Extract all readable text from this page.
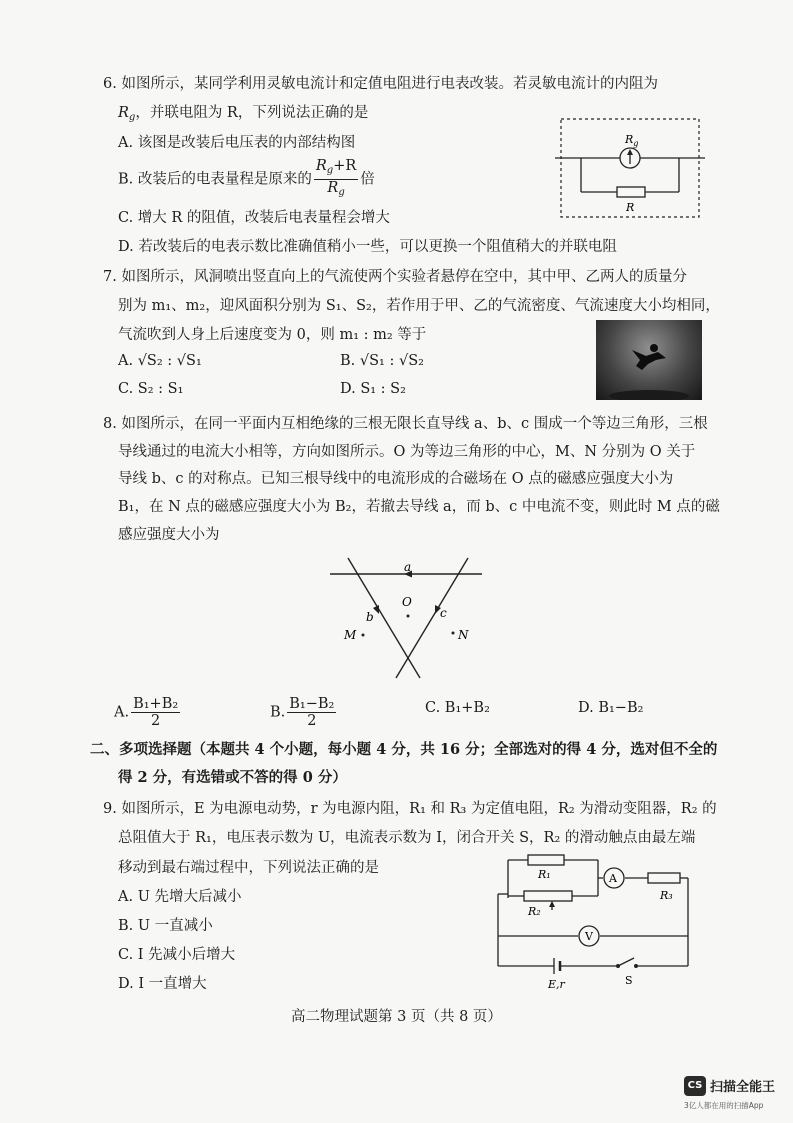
6. 如图所示，某同学利用灵敏电流计和定值电阻进行电表改装。若灵敏电流计的内阻为
$R_g$，并联电阻为 R，下列说法正确的是
A. 该图是改装后电压表的内部结构图
B. 改装后的电表量程是原来的 $\frac{R_g+R}{R_g}$ 倍
C. 增大 R 的阻值，改装后电表量程会增大
D. 若改装后的电表示数比准确值稍小一些，可以更换一个阻值稍大的并联电阻
$R_g$
R
7. 如图所示，风洞喷出竖直向上的气流使两个实验者悬停在空中，其中甲、乙两人的质量分
别为 m₁、m₂，迎风面积分别为 S₁、S₂，若作用于甲、乙的气流密度、气流速度大小均相同，
气流吹到人身上后速度变为 0，则 m₁ : m₂ 等于
A. √S₂ : √S₁	B. √S₁ : √S₂
C. S₂ : S₁	D. S₁ : S₂
8. 如图所示，在同一平面内互相绝缘的三根无限长直导线 a、b、c 围成一个等边三角形，三根
导线通过的电流大小相等，方向如图所示。O 为等边三角形的中心，M、N 分别为 O 关于
导线 b、c 的对称点。已知三根导线中的电流形成的合磁场在 O 点的磁感应强度大小为
B₁，在 N 点的磁感应强度大小为 B₂，若撤去导线 a，而 b、c 中电流不变，则此时 M 点的磁
感应强度大小为
a
b	c
O
M	N
A. $\frac{\text{B₁+B₂}}{2}$	B. $\frac{\text{B₁−B₂}}{2}$	C. B₁+B₂	D. B₁−B₂
二、多项选择题（本题共 4 个小题，每小题 4 分，共 16 分；全部选对的得 4 分，选对但不全的
得 2 分，有选错或不答的得 0 分）
9. 如图所示，E 为电源电动势，r 为电源内阻，R₁ 和 R₃ 为定值电阻，R₂ 为滑动变阻器，R₂ 的
总阻值大于 R₁，电压表示数为 U，电流表示数为 I，闭合开关 S，R₂ 的滑动触点由最左端
移动到最右端过程中，下列说法正确的是
A. U 先增大后减小
B. U 一直减小
C. I 先减小后增大
D. I 一直增大
R₁
R₂
R₃
A
V
E,r	S
高二物理试题第 3 页（共 8 页）
CS 扫描全能王
3亿人都在用的扫描App
